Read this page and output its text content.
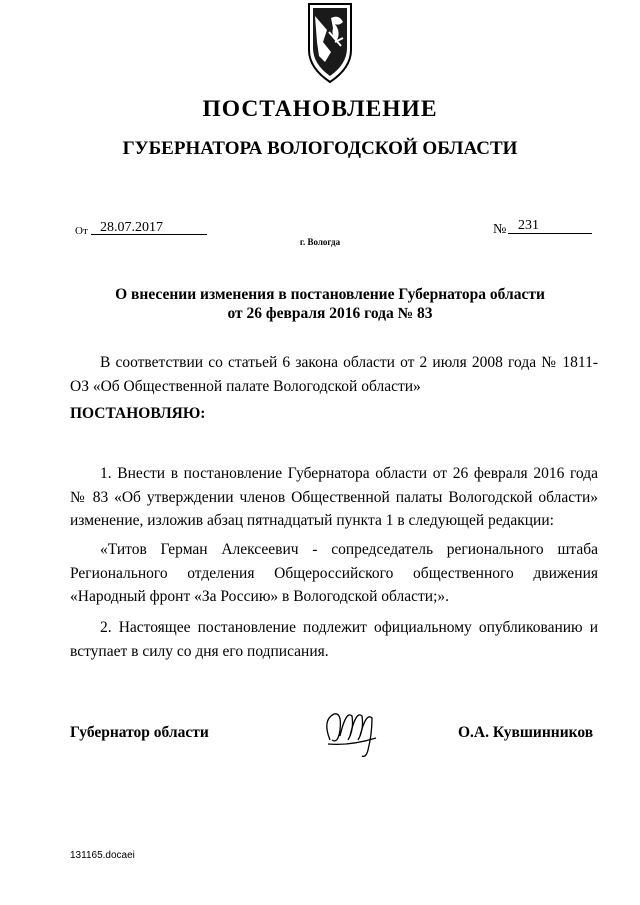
ПОСТАНОВЛЕНИЕ
ГУБЕРНАТОРА ВОЛОГОДСКОЙ ОБЛАСТИ
От 28.07.2017	№ 231
г. Вологда
О внесении изменения в постановление Губернатора области
от 26 февраля 2016 года № 83
В соответствии со статьей 6 закона области от 2 июля 2008 года № 1811-ОЗ «Об Общественной палате Вологодской области»
ПОСТАНОВЛЯЮ:
1. Внести в постановление Губернатора области от 26 февраля 2016 года № 83 «Об утверждении членов Общественной палаты Вологодской области» изменение, изложив абзац пятнадцатый пункта 1 в следующей редакции:
«Титов Герман Алексеевич - сопредседатель регионального штаба Регионального отделения Общероссийского общественного движения «Народный фронт «За Россию» в Вологодской области;».
2. Настоящее постановление подлежит официальному опубликованию и вступает в силу со дня его подписания.
Губернатор области	О.А. Кувшинников
131165.docaei
